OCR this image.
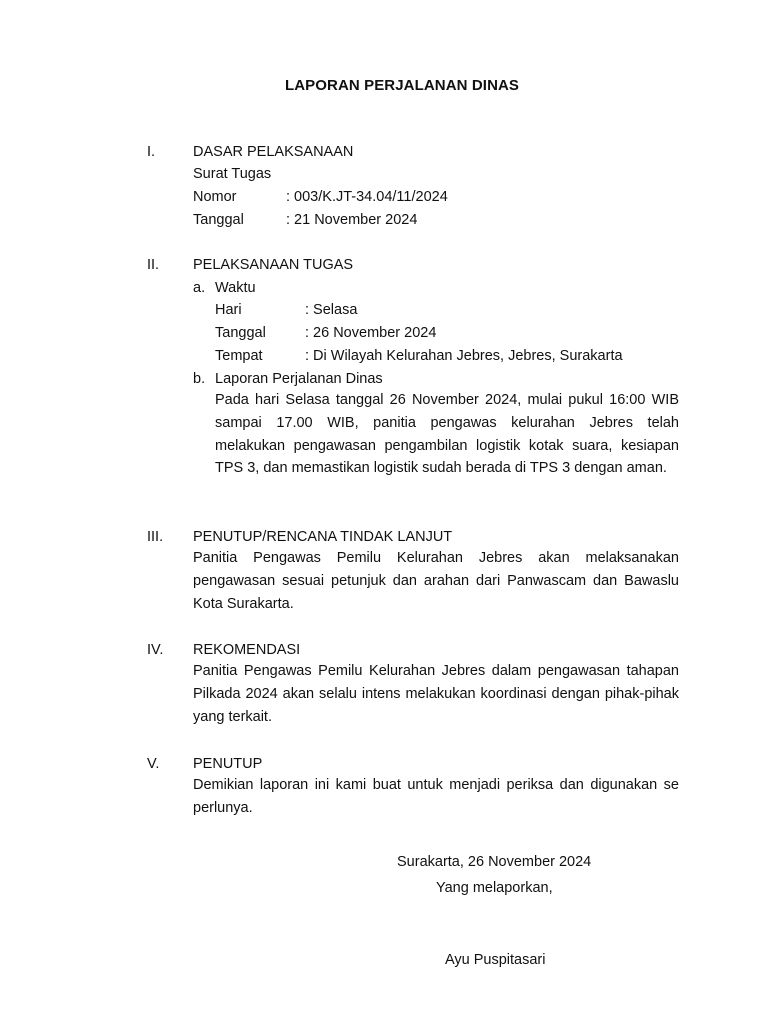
LAPORAN PERJALANAN DINAS
I.	DASAR PELAKSANAAN
Surat Tugas
Nomor	: 003/K.JT-34.04/11/2024
Tanggal	: 21 November 2024
II. PELAKSANAAN TUGAS
a. Waktu
Hari	: Selasa
Tanggal	: 26 November 2024
Tempat	: Di Wilayah Kelurahan Jebres, Jebres, Surakarta
b. Laporan Perjalanan Dinas
Pada hari Selasa tanggal 26 November 2024, mulai pukul 16:00 WIB sampai 17.00 WIB, panitia pengawas kelurahan Jebres telah melakukan pengawasan pengambilan logistik kotak suara, kesiapan TPS 3, dan memastikan logistik sudah berada di TPS 3 dengan aman.
III. PENUTUP/RENCANA TINDAK LANJUT
Panitia Pengawas Pemilu Kelurahan Jebres akan melaksanakan pengawasan sesuai petunjuk dan arahan dari Panwascam dan Bawaslu Kota Surakarta.
IV. REKOMENDASI
Panitia Pengawas Pemilu Kelurahan Jebres dalam pengawasan tahapan Pilkada 2024 akan selalu intens melakukan koordinasi dengan pihak-pihak yang terkait.
V. PENUTUP
Demikian laporan ini kami buat untuk menjadi periksa dan digunakan se perlunya.
Surakarta, 26 November 2024
Yang melaporkan,
Ayu Puspitasari
